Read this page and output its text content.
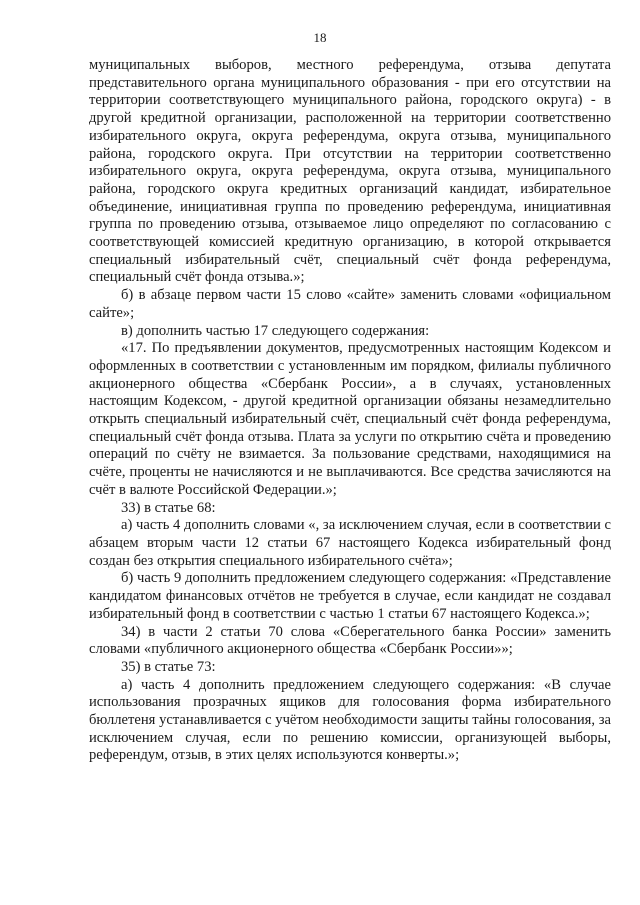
18

муниципальных выборов, местного референдума, отзыва депутата представительного органа муниципального образования - при его отсутствии на территории соответствующего муниципального района, городского округа) - в другой кредитной организации, расположенной на территории соответственно избирательного округа, округа референдума, округа отзыва, муниципального района, городского округа. При отсутствии на территории соответственно избирательного округа, округа референдума, округа отзыва, муниципального района, городского округа кредитных организаций кандидат, избирательное объединение, инициативная группа по проведению референдума, инициативная группа по проведению отзыва, отзываемое лицо определяют по согласованию с соответствующей комиссией кредитную организацию, в которой открывается специальный избирательный счёт, специальный счёт фонда референдума, специальный счёт фонда отзыва.»;

б) в абзаце первом части 15 слово «сайте» заменить словами «официальном сайте»;

в) дополнить частью 17 следующего содержания:

«17. По предъявлении документов, предусмотренных настоящим Кодексом и оформленных в соответствии с установленным им порядком, филиалы публичного акционерного общества «Сбербанк России», а в случаях, установленных настоящим Кодексом, - другой кредитной организации обязаны незамедлительно открыть специальный избирательный счёт, специальный счёт фонда референдума, специальный счёт фонда отзыва. Плата за услуги по открытию счёта и проведению операций по счёту не взимается. За пользование средствами, находящимися на счёте, проценты не начисляются и не выплачиваются. Все средства зачисляются на счёт в валюте Российской Федерации.»;

33) в статье 68:

а) часть 4 дополнить словами «, за исключением случая, если в соответствии с абзацем вторым части 12 статьи 67 настоящего Кодекса избирательный фонд создан без открытия специального избирательного счёта»;

б) часть 9 дополнить предложением следующего содержания: «Представление кандидатом финансовых отчётов не требуется в случае, если кандидат не создавал избирательный фонд в соответствии с частью 1 статьи 67 настоящего Кодекса.»;

34) в части 2 статьи 70 слова «Сберегательного банка России» заменить словами «публичного акционерного общества «Сбербанк России»»;

35) в статье 73:

а) часть 4 дополнить предложением следующего содержания: «В случае использования прозрачных ящиков для голосования форма избирательного бюллетеня устанавливается с учётом необходимости защиты тайны голосования, за исключением случая, если по решению комиссии, организующей выборы, референдум, отзыв, в этих целях используются конверты.»;
